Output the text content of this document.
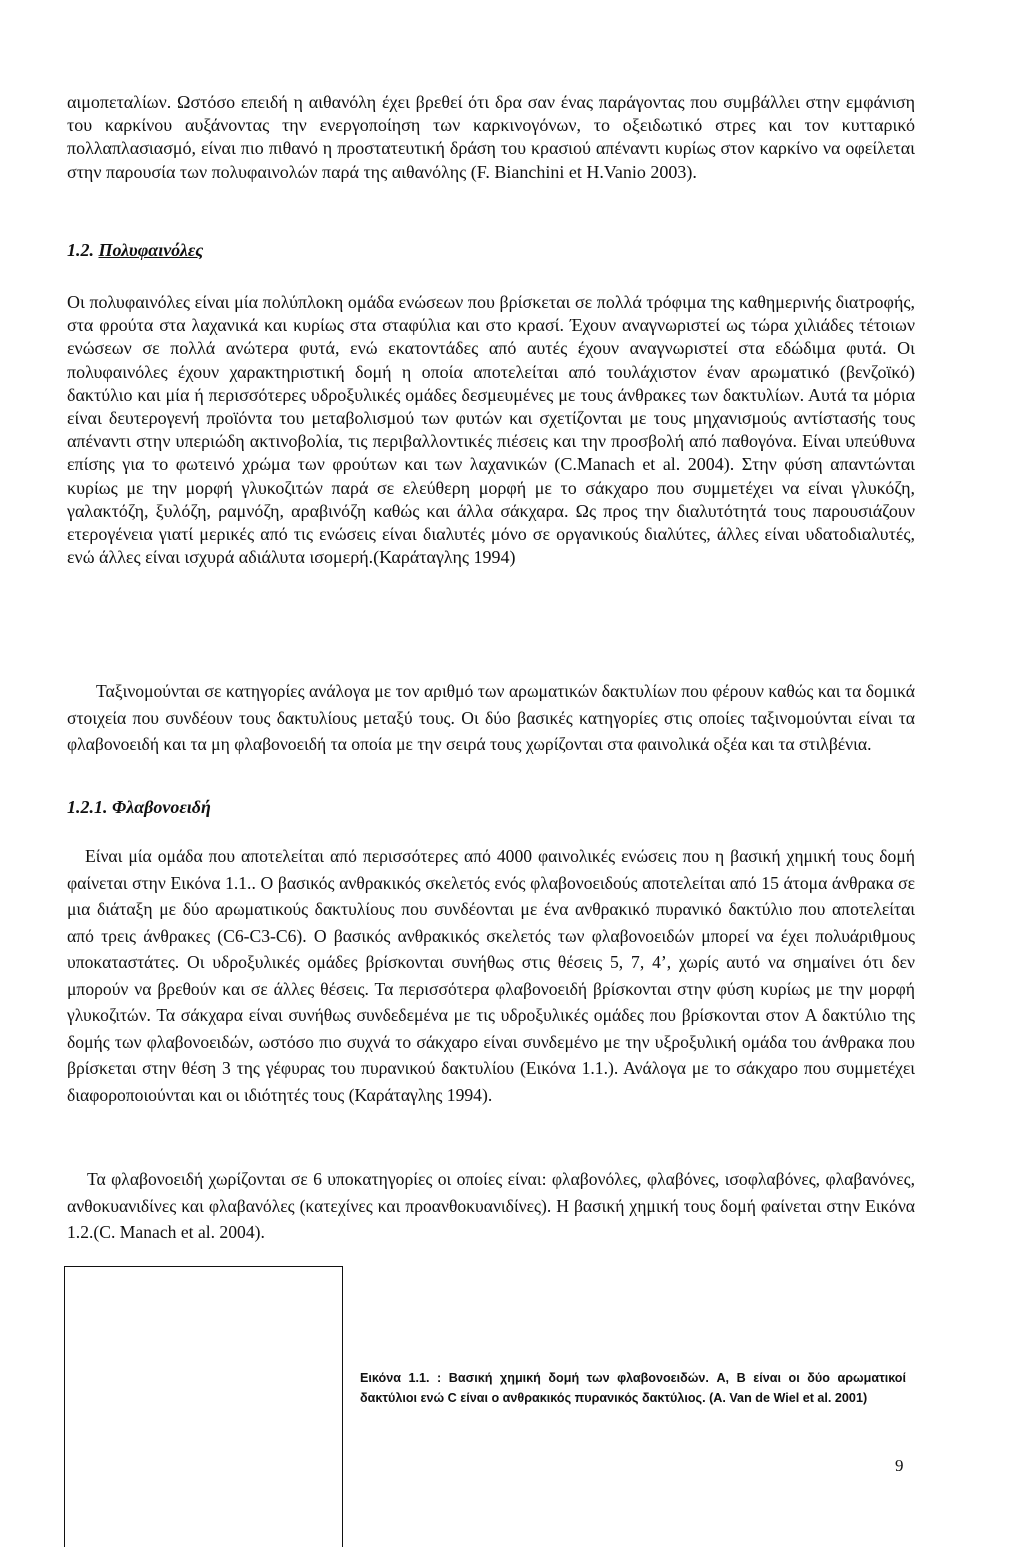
αιμοπεταλίων. Ωστόσο επειδή η αιθανόλη έχει βρεθεί ότι δρα σαν ένας παράγοντας που συμβάλλει στην εμφάνιση του καρκίνου αυξάνοντας την ενεργοποίηση των καρκινογόνων, το οξειδωτικό στρες και τον κυτταρικό πολλαπλασιασμό, είναι πιο πιθανό η προστατευτική δράση του κρασιού απέναντι κυρίως στον καρκίνο να οφείλεται στην παρουσία των πολυφαινολών παρά της αιθανόλης (F. Bianchini et H.Vanio 2003).

1.2. Πολυφαινόλες

Οι πολυφαινόλες είναι μία πολύπλοκη ομάδα ενώσεων που βρίσκεται σε πολλά τρόφιμα της καθημερινής διατροφής, στα φρούτα στα λαχανικά και κυρίως στα σταφύλια και στο κρασί. Έχουν αναγνωριστεί ως τώρα χιλιάδες τέτοιων ενώσεων σε πολλά ανώτερα φυτά, ενώ εκατοντάδες από αυτές έχουν αναγνωριστεί στα εδώδιμα φυτά. Οι πολυφαινόλες έχουν χαρακτηριστική δομή η οποία αποτελείται από τουλάχιστον έναν αρωματικό (βενζοϊκό) δακτύλιο και μία ή περισσότερες υδροξυλικές ομάδες δεσμευμένες με τους άνθρακες των δακτυλίων. Αυτά τα μόρια είναι δευτερογενή προϊόντα του μεταβολισμού των φυτών και σχετίζονται με τους μηχανισμούς αντίστασής τους απέναντι στην υπεριώδη ακτινοβολία, τις περιβαλλοντικές πιέσεις και την προσβολή από παθογόνα. Είναι υπεύθυνα επίσης για το φωτεινό χρώμα των φρούτων και των λαχανικών (C.Manach et al. 2004). Στην φύση απαντώνται κυρίως με την μορφή γλυκοζιτών παρά σε ελεύθερη μορφή με το σάκχαρο που συμμετέχει να είναι γλυκόζη, γαλακτόζη, ξυλόζη, ραμνόζη, αραβινόζη καθώς και άλλα σάκχαρα. Ως προς την διαλυτότητά τους παρουσιάζουν ετερογένεια γιατί μερικές από τις ενώσεις είναι διαλυτές μόνο σε οργανικούς διαλύτες, άλλες είναι υδατοδιαλυτές, ενώ άλλες είναι ισχυρά αδιάλυτα ισομερή.(Καράταγλης 1994)

Ταξινομούνται σε κατηγορίες ανάλογα με τον αριθμό των αρωματικών δακτυλίων που φέρουν καθώς και τα δομικά στοιχεία που συνδέουν τους δακτυλίους μεταξύ τους. Οι δύο βασικές κατηγορίες στις οποίες ταξινομούνται είναι τα φλαβονοειδή και τα μη φλαβονοειδή τα οποία με την σειρά τους χωρίζονται στα φαινολικά οξέα και τα στιλβένια.

1.2.1. Φλαβονοειδή

Είναι μία ομάδα που αποτελείται από περισσότερες από 4000 φαινολικές ενώσεις που η βασική χημική τους δομή φαίνεται στην Εικόνα 1.1.. Ο βασικός ανθρακικός σκελετός ενός φλαβονοειδούς αποτελείται από 15 άτομα άνθρακα σε μια διάταξη με δύο αρωματικούς δακτυλίους που συνδέονται με ένα ανθρακικό πυρανικό δακτύλιο που αποτελείται από τρεις άνθρακες (C6-C3-C6). Ο βασικός ανθρακικός σκελετός των φλαβονοειδών μπορεί να έχει πολυάριθμους υποκαταστάτες. Οι υδροξυλικές ομάδες βρίσκονται συνήθως στις θέσεις 5, 7, 4’, χωρίς αυτό να σημαίνει ότι δεν μπορούν να βρεθούν και σε άλλες θέσεις. Τα περισσότερα φλαβονοειδή βρίσκονται στην φύση κυρίως με την μορφή γλυκοζιτών. Τα σάκχαρα είναι συνήθως συνδεδεμένα με τις υδροξυλικές ομάδες που βρίσκονται στον A δακτύλιο της δομής των φλαβονοειδών, ωστόσο πιο συχνά το σάκχαρο είναι συνδεμένο με την υξροξυλική ομάδα του άνθρακα που βρίσκεται στην θέση 3 της γέφυρας του πυρανικού δακτυλίου (Εικόνα 1.1.). Ανάλογα με το σάκχαρο που συμμετέχει διαφοροποιούνται και οι ιδιότητές τους (Καράταγλης 1994).

Τα φλαβονοειδή χωρίζονται σε 6 υποκατηγορίες οι οποίες είναι: φλαβονόλες, φλαβόνες, ισοφλαβόνες, φλαβανόνες, ανθοκυανιδίνες και φλαβανόλες (κατεχίνες και προανθοκυανιδίνες). Η βασική χημική τους δομή φαίνεται στην Εικόνα 1.2.(C. Manach et al. 2004).

Εικόνα 1.1. : Βασική χημική δομή των φλαβονοειδών. A, B είναι οι δύο αρωματικοί δακτύλιοι ενώ C είναι ο ανθρακικός πυρανικός δακτύλιος. (A. Van de Wiel et al. 2001)

9
